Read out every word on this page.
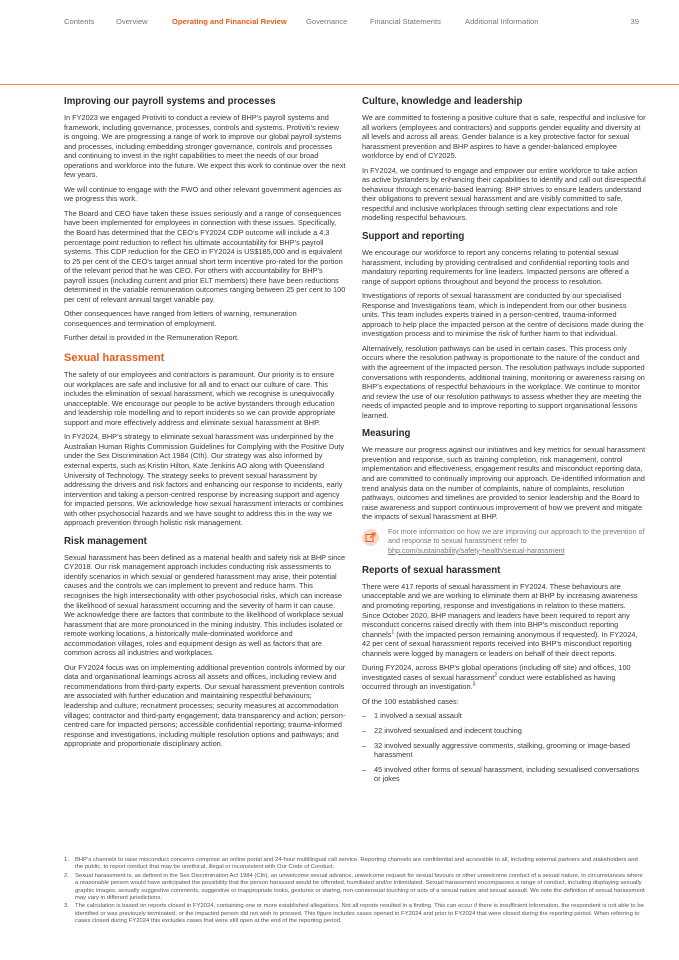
Contents	Overview	Operating and Financial Review	Governance	Financial Statements	Additional Information	39
Improving our payroll systems and processes

In FY2023 we engaged Protiviti to conduct a review of BHP’s payroll systems and framework, including governance, processes, controls and systems. Protiviti’s review is ongoing. We are progressing a range of work to improve our global payroll systems and processes, including embedding stronger governance, controls and processes and continuing to invest in the right capabilities to meet the needs of our broad operations and workforce into the future. We expect this work to continue over the next few years.

We will continue to engage with the FWO and other relevant government agencies as we progress this work.

The Board and CEO have taken these issues seriously and a range of consequences have been implemented for employees in connection with these issues. Specifically, the Board has determined that the CEO’s FY2024 CDP outcome will include a 4.3 percentage point reduction to reflect his ultimate accountability for BHP’s payroll systems. This CDP reduction for the CEO in FY2024 is US$185,000 and is equivalent to 25 per cent of the CEO’s target annual short term incentive pro-rated for the portion of the relevant period that he was CEO. For others with accountability for BHP’s payroll issues (including current and prior ELT members) there have been reductions determined in the variable remuneration outcomes ranging between 25 per cent to 100 per cent of relevant annual target variable pay.

Other consequences have ranged from letters of warning, remuneration consequences and termination of employment.

Further detail is provided in the Remuneration Report.

Sexual harassment

The safety of our employees and contractors is paramount. Our priority is to ensure our workplaces are safe and inclusive for all and to enact our culture of care. This includes the elimination of sexual harassment, which we recognise is unequivocally unacceptable. We encourage our people to be active bystanders through education and leadership role modelling and to report incidents so we can provide appropriate support and more effectively address and eliminate sexual harassment at BHP.

In FY2024, BHP’s strategy to eliminate sexual harassment was underpinned by the Australian Human Rights Commission Guidelines for Complying with the Positive Duty under the Sex Discrimination Act 1984 (Cth). Our strategy was also informed by external experts, such as Kristin Hilton, Kate Jenkins AO along with Queensland University of Technology. The strategy seeks to prevent sexual harassment by addressing the drivers and risk factors and enhancing our response to incidents, early intervention and taking a person-centred response by increasing support and agency for impacted persons. We acknowledge how sexual harassment interacts or combines with other psychosocial hazards and we have sought to address this in the way we approach prevention through holistic risk management.

Risk management

Sexual harassment has been defined as a material health and safety risk at BHP since CY2018. Our risk management approach includes conducting risk assessments to identify scenarios in which sexual or gendered harassment may arise, their potential causes and the controls we can implement to prevent and reduce harm. This recognises the high intersectionality with other psychosocial risks, which can increase the likelihood of sexual harassment occurring and the severity of harm it can cause. We acknowledge there are factors that contribute to the likelihood of workplace sexual harassment that are more pronounced in the mining industry. This includes isolated or remote working locations, a historically male-dominated workforce and accommodation villages, roles and equipment design as well as factors that are common across all industries and workplaces.

Our FY2024 focus was on implementing additional prevention controls informed by our data and organisational learnings across all assets and offices, including review and recommendations from third-party experts. Our sexual harassment prevention controls are associated with further education and maintaining respectful behaviours; leadership and culture; recruitment processes; security measures at accommodation villages; contractor and third-party engagement; data transparency and action; person-centred care for impacted persons; accessible confidential reporting; trauma-informed response and investigations, including multiple resolution options and pathways; and appropriate and proportionate disciplinary action.

Culture, knowledge and leadership

We are committed to fostering a positive culture that is safe, respectful and inclusive for all workers (employees and contractors) and supports gender equality and diversity at all levels and across all areas. Gender balance is a key protective factor for sexual harassment prevention and BHP aspires to have a gender-balanced employee workforce by end of CY2025.

In FY2024, we continued to engage and empower our entire workforce to take action as active bystanders by enhancing their capabilities to identify and call out disrespectful behaviour through scenario-based learning. BHP strives to ensure leaders understand their obligations to prevent sexual harassment and are visibly committed to safe, respectful and inclusive workplaces through setting clear expectations and role modelling respectful behaviours.

Support and reporting

We encourage our workforce to report any concerns relating to potential sexual harassment, including by providing centralised and confidential reporting tools and mandatory reporting requirements for line leaders. Impacted persons are offered a range of support options throughout and beyond the process to resolution.

Investigations of reports of sexual harassment are conducted by our specialised Response and Investigations team, which is independent from our other business units. This team includes experts trained in a person-centred, trauma-informed approach to help place the impacted person at the centre of decisions made during the investigation process and to minimise the risk of further harm to that individual.

Alternatively, resolution pathways can be used in certain cases. This process only occurs where the resolution pathway is proportionate to the nature of the conduct and with the agreement of the impacted person. The resolution pathways include supported conversations with respondents, additional training, monitoring or awareness raising on BHP’s expectations of respectful behaviours in the workplace. We continue to monitor and review the use of our resolution pathways to assess whether they are meeting the needs of impacted people and to improve reporting to support organisational lessons learned.

Measuring

We measure our progress against our initiatives and key metrics for sexual harassment prevention and response, such as training completion, risk management, control implementation and effectiveness, engagement results and misconduct reporting data, and are committed to continually improving our approach. De-identified information and trend analysis data on the number of complaints, nature of complaints, resolution pathways, outcomes and timelines are provided to senior leadership and the Board to raise awareness and support continuous improvement of how we prevent and mitigate the impacts of sexual harassment at BHP.

For more information on how we are improving our approach to the prevention of and response to sexual harassment refer to
bhp.com/sustainability/safety-health/sexual-harassment
Reports of sexual harassment

There were 417 reports of sexual harassment in FY2024. These behaviours are unacceptable and we are working to eliminate them at BHP by increasing awareness and promoting reporting, response and investigations in relation to these matters. Since October 2020, BHP managers and leaders have been required to report any misconduct concerns raised directly with them into BHP’s misconduct reporting channels$^1$ (with the impacted person remaining anonymous if requested). In FY2024, 42 per cent of sexual harassment reports received into BHP’s misconduct reporting channels were logged by managers or leaders on behalf of their direct reports.

During FY2024, across BHP’s global operations (including off site) and offices, 100 investigated cases of sexual harassment$^2$ conduct were established as having occurred through an investigation.$^3$

Of the 100 established cases:

– 1 involved a sexual assault
– 22 involved sexualised and indecent touching
– 32 involved sexually aggressive comments, stalking, grooming or image-based harassment
– 45 involved other forms of sexual harassment, including sexualised conversations or jokes
1. BHP’s channels to raise misconduct concerns comprise an online portal and 24-hour multilingual call service. Reporting channels are confidential and accessible to all, including external partners and stakeholders and the public, to report conduct that may be unethical, illegal or inconsistent with Our Code of Conduct.
2. Sexual harassment is, as defined in the Sex Discrimination Act 1984 (Cth), an unwelcome sexual advance, unwelcome request for sexual favours or other unwelcome conduct of a sexual nature, in circumstances where a reasonable person would have anticipated the possibility that the person harassed would be offended, humiliated and/or intimidated. Sexual harassment encompasses a range of conduct, including displaying sexually graphic images, sexually suggestive comments, suggestive or inappropriate looks, gestures or staring, non-consensual touching or acts of a sexual nature and sexual assault. We note the definition of sexual harassment may vary in different jurisdictions.
3. The calculation is based on reports closed in FY2024, containing one or more established allegations. Not all reports resulted in a finding. This can occur if there is insufficient information, the respondent is not able to be identified or was previously terminated, or the impacted person did not wish to proceed. This figure includes cases opened in FY2024 and prior to FY2024 that were closed during the reporting period. When referring to cases closed during FY2024 this excludes cases that were still open at the end of the reporting period.
